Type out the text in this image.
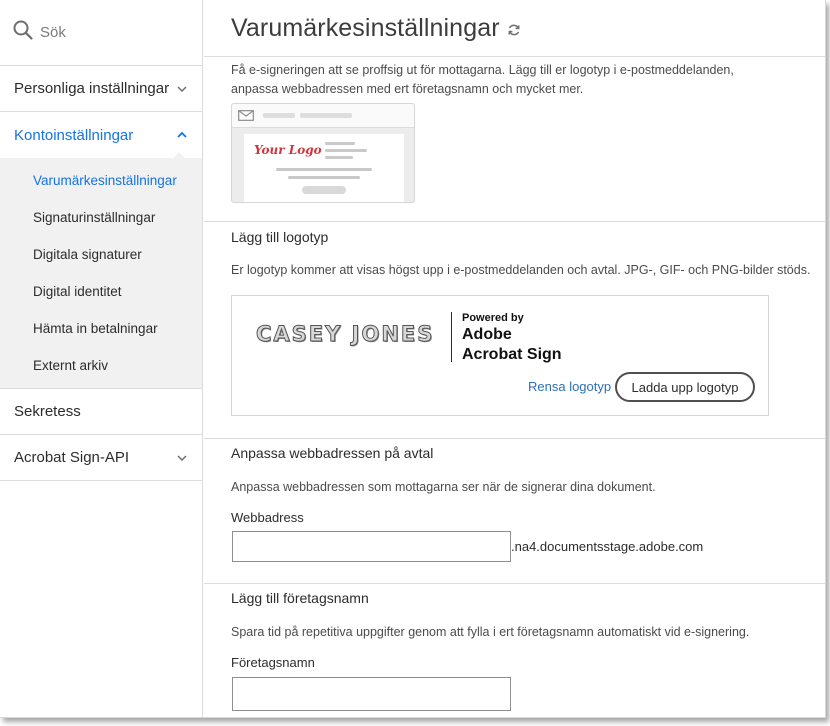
Sök
Personliga inställningar
Kontoinställningar
Varumärkesinställningar
Signaturinställningar
Digitala signaturer
Digital identitet
Hämta in betalningar
Externt arkiv
Sekretess
Acrobat Sign-API
Varumärkesinställningar
Få e-signeringen att se proffsig ut för mottagarna. Lägg till er logotyp i e-postmeddelanden,
anpassa webbadressen med ert företagsnamn och mycket mer.
Your Logo
Lägg till logotyp

Er logotyp kommer att visas högst upp i e-postmeddelanden och avtal. JPG-, GIF- och PNG-bilder stöds.

CASEY JONES
Powered by
Adobe
Acrobat Sign
Rensa logotyp	Ladda upp logotyp
Anpassa webbadressen på avtal

Anpassa webbadressen som mottagarna ser när de signerar dina dokument.

Webbadress
.na4.documentsstage.adobe.com
Lägg till företagsnamn

Spara tid på repetitiva uppgifter genom att fylla i ert företagsnamn automatiskt vid e-signering.

Företagsnamn
